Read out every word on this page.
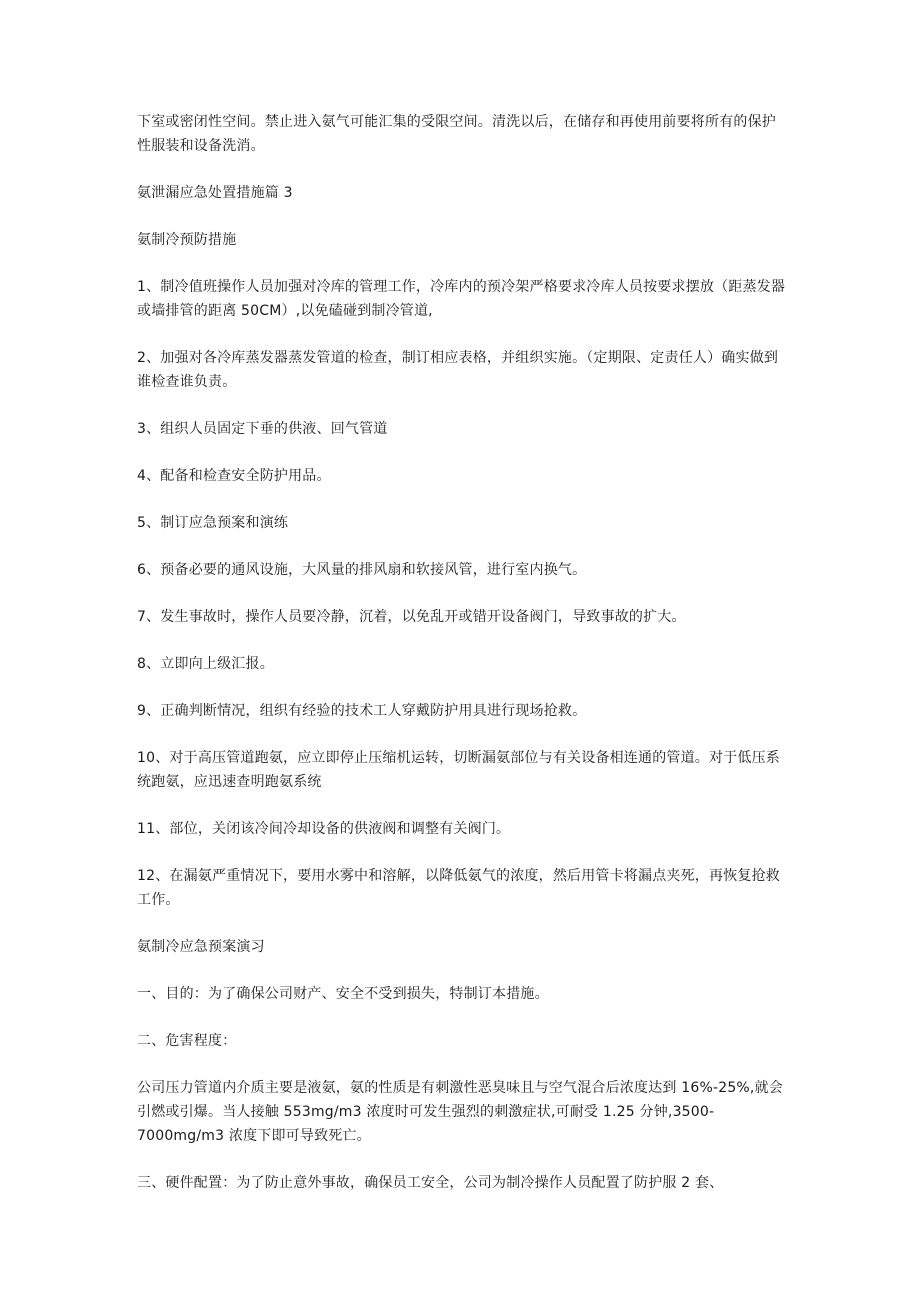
下室或密闭性空间。禁止进入氨气可能汇集的受限空间。清洗以后，在储存和再使用前要将所有的保护性服装和设备洗消。

氨泄漏应急处置措施篇 3

氨制冷预防措施

1、制冷值班操作人员加强对冷库的管理工作，冷库内的预冷架严格要求冷库人员按要求摆放（距蒸发器或墙排管的距离 50CM）,以免磕碰到制冷管道,

2、加强对各冷库蒸发器蒸发管道的检查，制订相应表格，并组织实施。（定期限、定责任人）确实做到谁检查谁负责。

3、组织人员固定下垂的供液、回气管道

4、配备和检查安全防护用品。

5、制订应急预案和演练

6、预备必要的通风设施，大风量的排风扇和软接风管，进行室内换气。

7、发生事故时，操作人员要冷静，沉着，以免乱开或错开设备阀门，导致事故的扩大。

8、立即向上级汇报。

9、正确判断情况，组织有经验的技术工人穿戴防护用具进行现场抢救。

10、对于高压管道跑氨，应立即停止压缩机运转，切断漏氨部位与有关设备相连通的管道。对于低压系统跑氨，应迅速查明跑氨系统

11、部位，关闭该冷间冷却设备的供液阀和调整有关阀门。

12、在漏氨严重情况下，要用水雾中和溶解，以降低氨气的浓度，然后用管卡将漏点夹死，再恢复抢救工作。

氨制冷应急预案演习

一、目的：为了确保公司财产、安全不受到损失，特制订本措施。

二、危害程度：

公司压力管道内介质主要是液氨，氨的性质是有刺激性恶臭味且与空气混合后浓度达到 16%-25%,就会引燃或引爆。当人接触 553mg/m3 浓度时可发生强烈的刺激症状,可耐受 1.25 分钟,3500-7000mg/m3 浓度下即可导致死亡。

三、硬件配置：为了防止意外事故，确保员工安全，公司为制冷操作人员配置了防护服 2 套、
